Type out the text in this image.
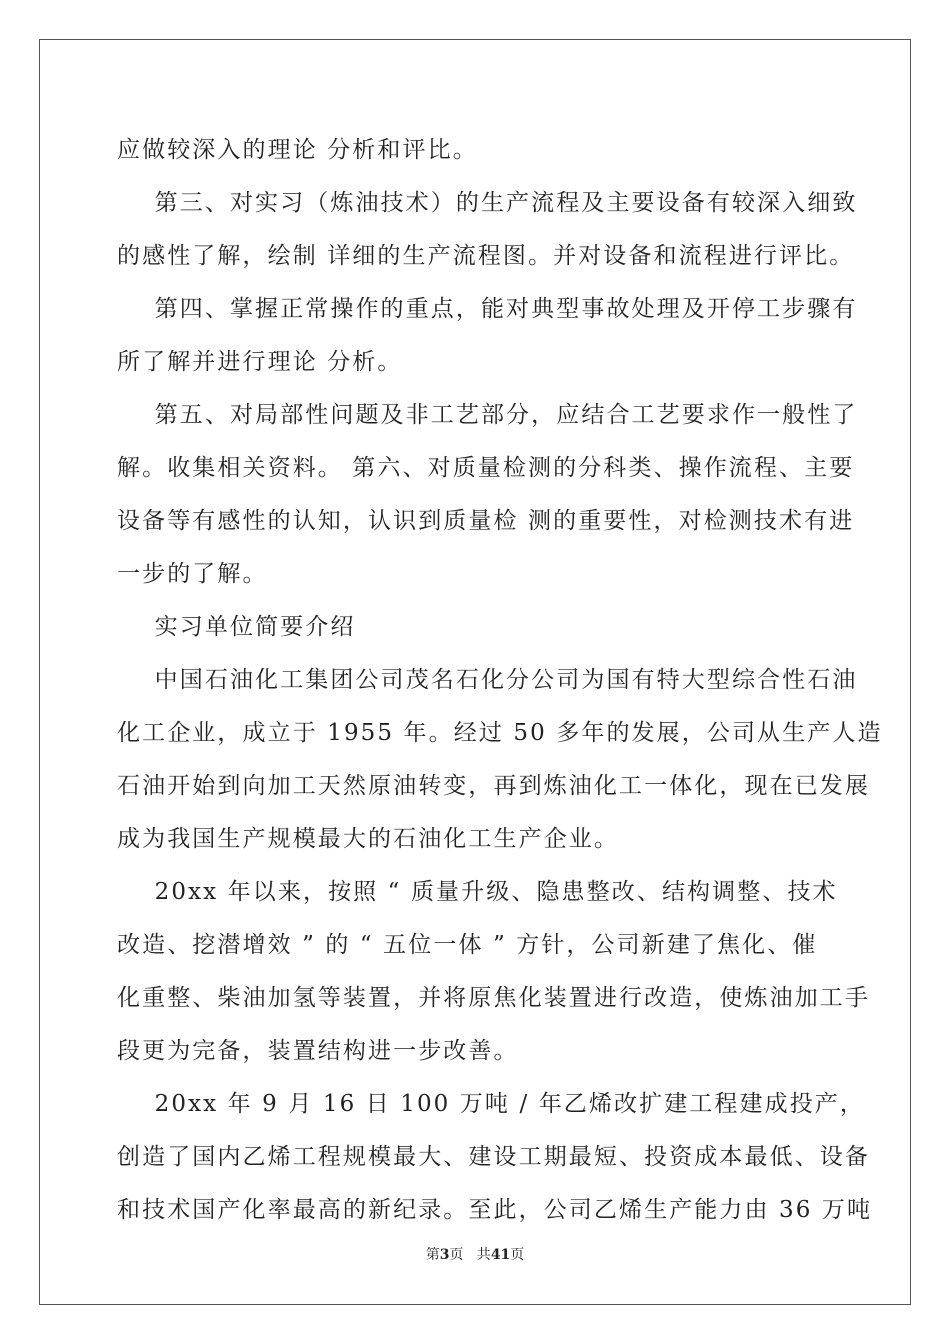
应做较深入的理论 分析和评比。
第三、对实习（炼油技术）的生产流程及主要设备有较深入细致
的感性了解，绘制 详细的生产流程图。并对设备和流程进行评比。
第四、掌握正常操作的重点，能对典型事故处理及开停工步骤有
所了解并进行理论 分析。
第五、对局部性问题及非工艺部分，应结合工艺要求作一般性了
解。收集相关资料。 第六、对质量检测的分科类、操作流程、主要
设备等有感性的认知，认识到质量检 测的重要性，对检测技术有进
一步的了解。
实习单位简要介绍
中国石油化工集团公司茂名石化分公司为国有特大型综合性石油
化工企业，成立于 1955 年。经过 50 多年的发展，公司从生产人造
石油开始到向加工天然原油转变，再到炼油化工一体化，现在已发展
成为我国生产规模最大的石油化工生产企业。
20xx 年以来，按照 “ 质量升级、隐患整改、结构调整、技术
改造、挖潜增效 ” 的 “ 五位一体 ” 方针，公司新建了焦化、催
化重整、柴油加氢等装置，并将原焦化装置进行改造，使炼油加工手
段更为完备，装置结构进一步改善。
20xx 年 9 月 16 日 100 万吨 / 年乙烯改扩建工程建成投产，
创造了国内乙烯工程规模最大、建设工期最短、投资成本最低、设备
和技术国产化率最高的新纪录。至此，公司乙烯生产能力由 36 万吨
第3页   共41页
